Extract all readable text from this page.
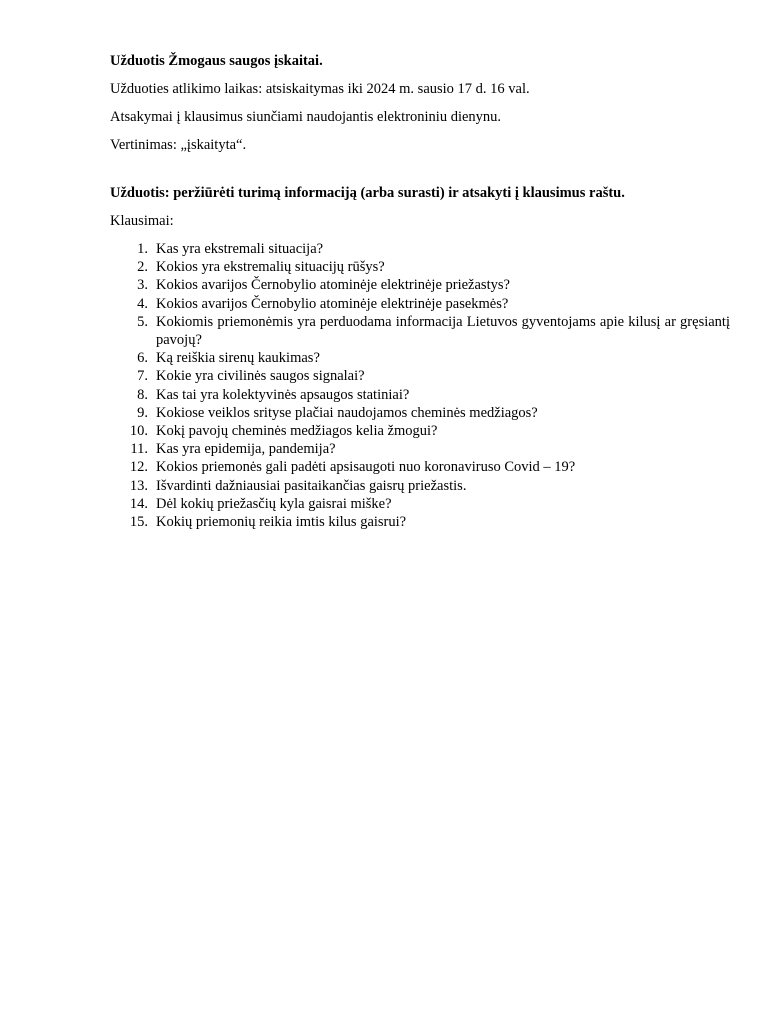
Užduotis Žmogaus saugos įskaitai.

Užduoties atlikimo laikas: atsiskaitymas iki 2024 m. sausio 17 d. 16 val.

Atsakymai į klausimus siunčiami naudojantis elektroniniu dienynu.

Vertinimas: „įskaityta“.

Užduotis: peržiūrėti turimą informaciją (arba surasti) ir atsakyti į klausimus raštu.

Klausimai:

1. Kas yra ekstremali situacija?
2. Kokios yra ekstremalių situacijų rūšys?
3. Kokios avarijos Černobylio atominėje elektrinėje priežastys?
4. Kokios avarijos Černobylio atominėje elektrinėje pasekmės?
5. Kokiomis priemonėmis yra perduodama informacija Lietuvos gyventojams apie kilusį ar gręsiantį pavojų?
6. Ką reiškia sirenų kaukimas?
7. Kokie yra civilinės saugos signalai?
8. Kas tai yra kolektyvinės apsaugos statiniai?
9. Kokiose veiklos srityse plačiai naudojamos cheminės medžiagos?
10. Kokį pavojų cheminės medžiagos kelia žmogui?
11. Kas yra epidemija, pandemija?
12. Kokios priemonės gali padėti apsisaugoti nuo koronaviruso Covid – 19?
13. Išvardinti dažniausiai pasitaikančias gaisrų priežastis.
14. Dėl kokių priežasčių kyla gaisrai miške?
15. Kokių priemonių reikia imtis kilus gaisrui?
